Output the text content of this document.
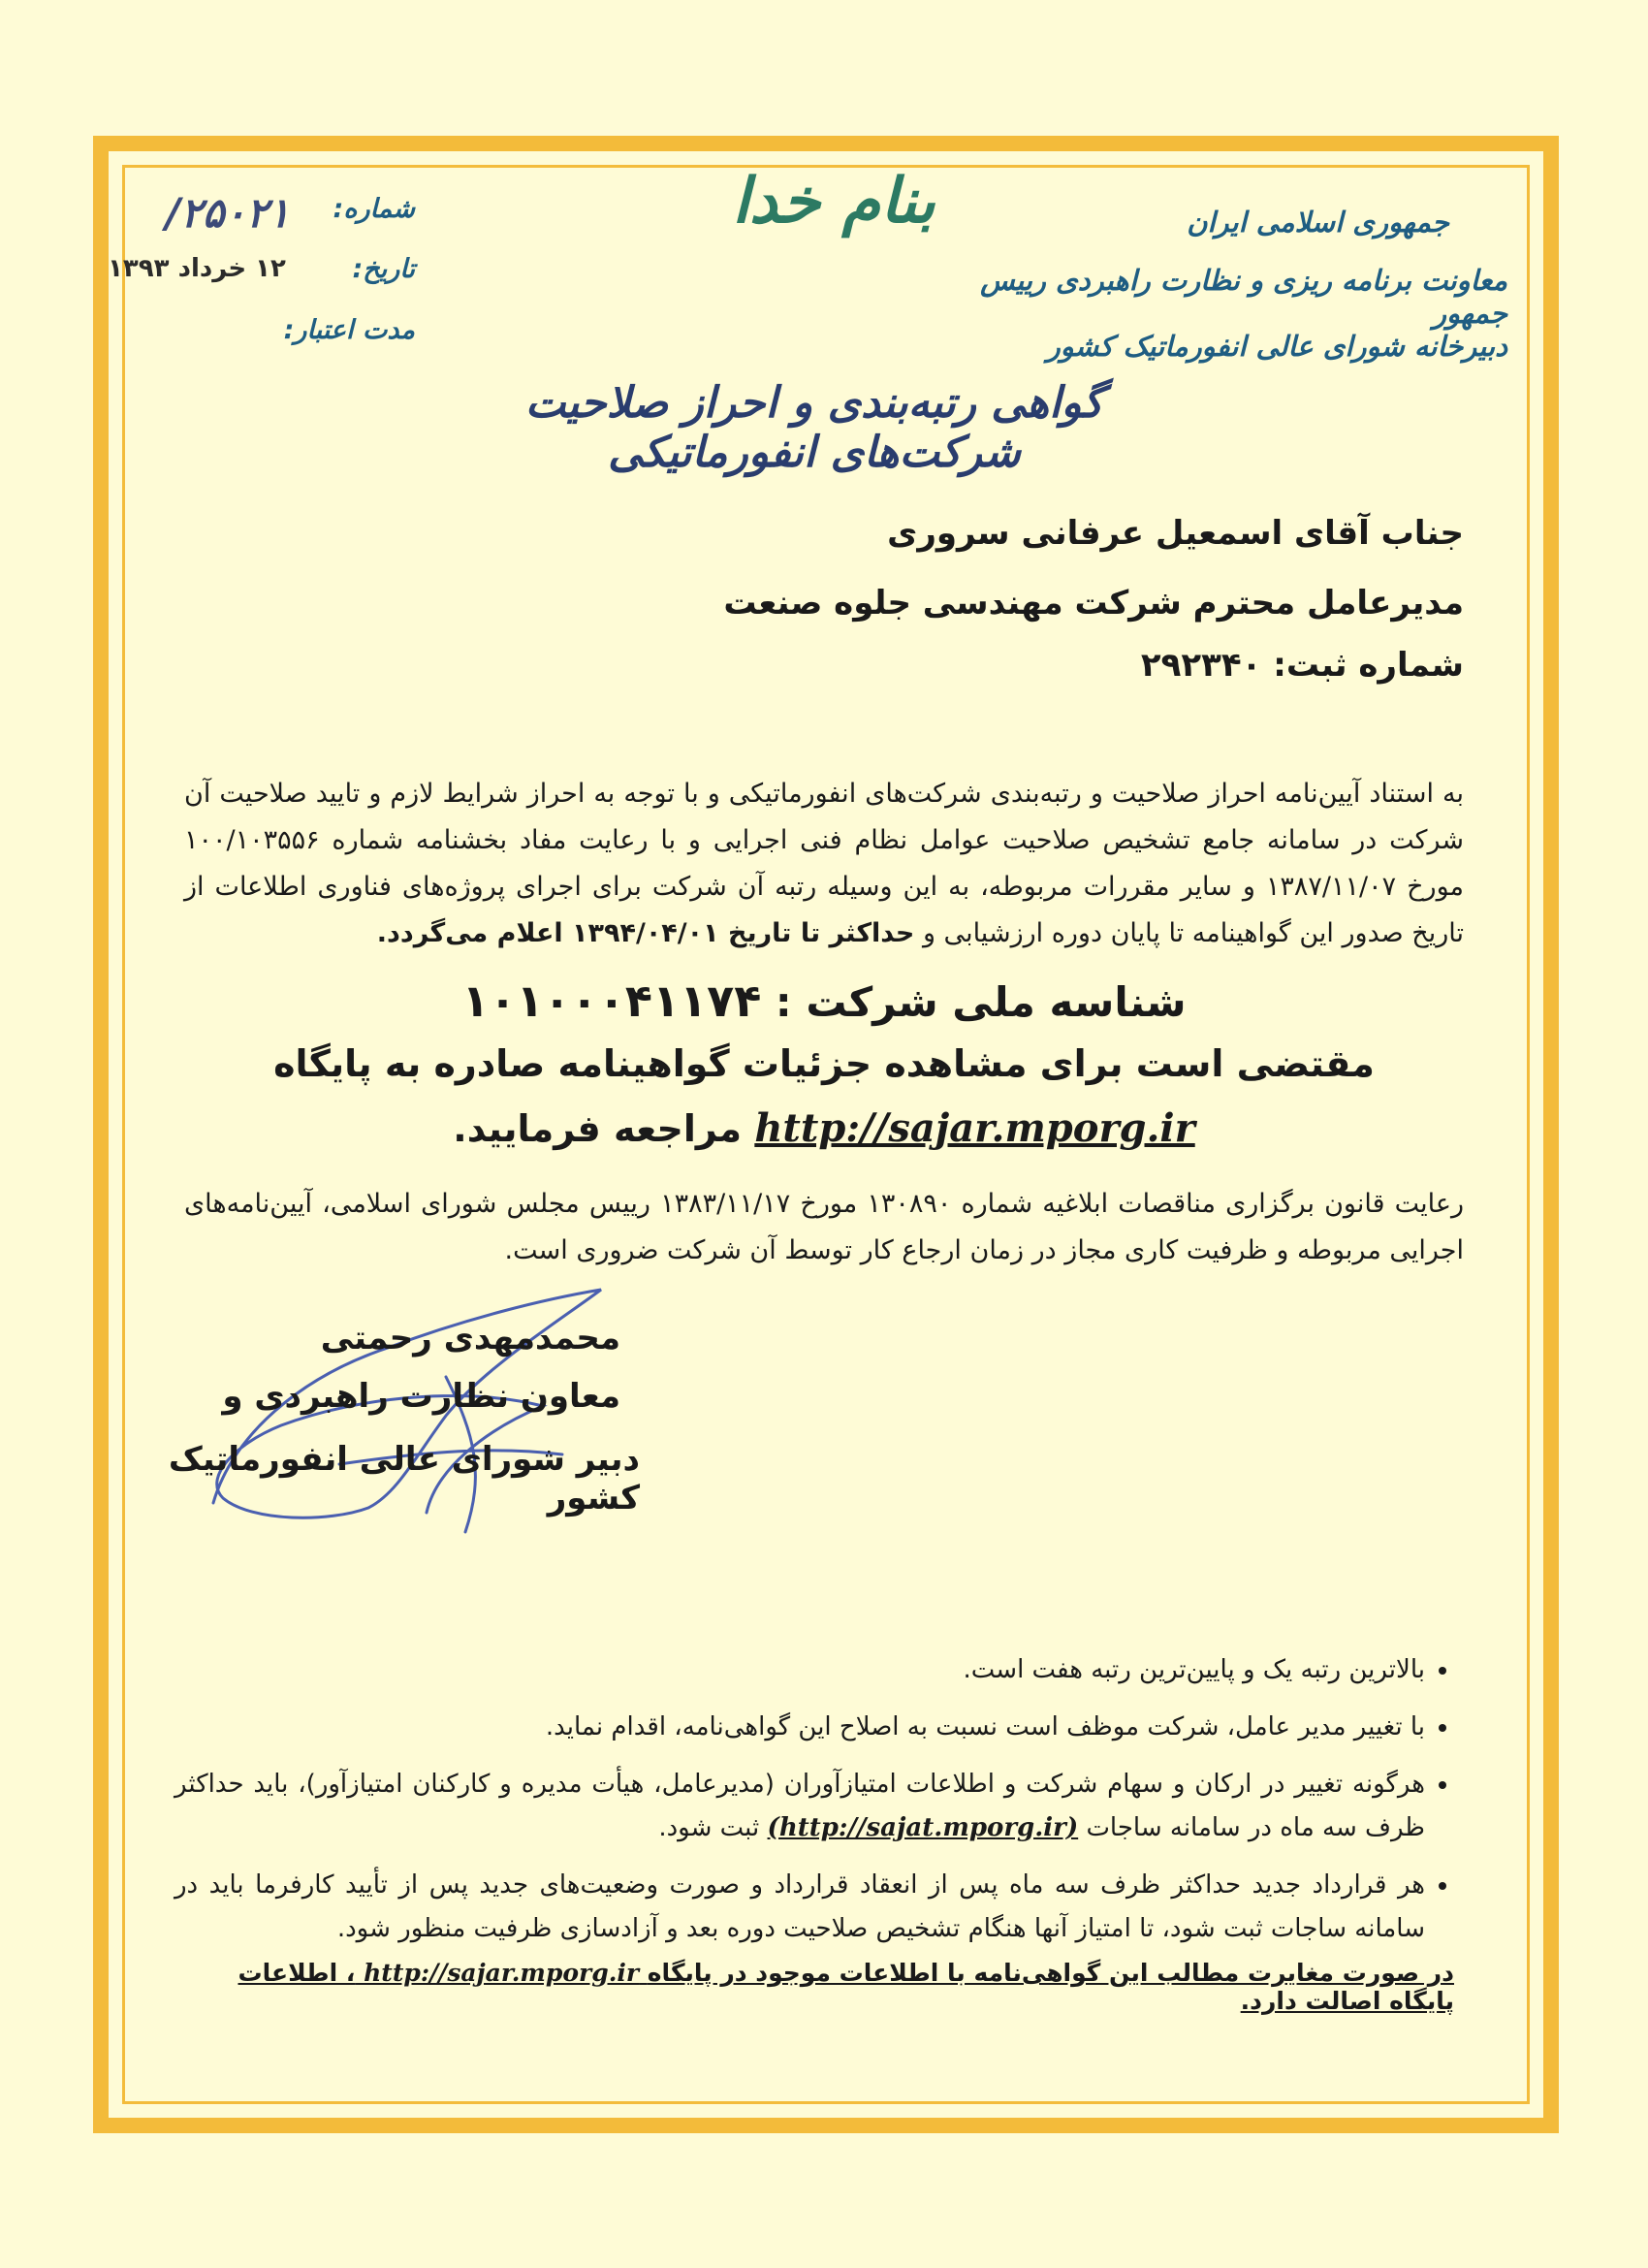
بنام خدا	جمهوری اسلامی ایران
معاونت برنامه ریزی و نظارت راهبردی رییس جمهور
دبیرخانه شورای عالی انفورماتیک کشور
شماره:
۲۵۰۲۱/
تاریخ:
۱۲ خرداد ۱۳۹۳
مدت اعتبار:
گواهی رتبه‌بندی و احراز صلاحیت شرکت‌های انفورماتیکی
جناب آقای اسمعیل عرفانی سروری
مدیرعامل محترم شرکت مهندسی جلوه صنعت
شماره ثبت: ۲۹۲۳۴۰
به استناد آیین‌نامه احراز صلاحیت و رتبه‌بندی شرکت‌های انفورماتیکی و با توجه به احراز شرایط لازم و تایید صلاحیت آن شرکت در سامانه جامع تشخیص صلاحیت عوامل نظام فنی اجرایی و با رعایت مفاد بخشنامه شماره ۱۰۰/۱۰۳۵۵۶ مورخ ۱۳۸۷/۱۱/۰۷ و سایر مقررات مربوطه، به این وسیله رتبه آن شرکت برای اجرای پروژه‌های فناوری اطلاعات از تاریخ صدور این گواهینامه تا پایان دوره ارزشیابی و حداکثر تا تاریخ ۱۳۹۴/۰۴/۰۱ اعلام می‌گردد.
شناسه ملی شرکت : ۱۰۱۰۰۰۴۱۱۷۴
مقتضی است برای مشاهده جزئیات گواهینامه صادره به پایگاه
http://sajar.mporg.ir مراجعه فرمایید.
رعایت قانون برگزاری مناقصات ابلاغیه شماره ۱۳۰۸۹۰ مورخ ۱۳۸۳/۱۱/۱۷ رییس مجلس شورای اسلامی، آیین‌نامه‌های اجرایی مربوطه و ظرفیت کاری مجاز در زمان ارجاع کار توسط آن شرکت ضروری است.
محمدمهدی رحمتی
معاون نظارت راهبردی و
دبیر شورای عالی انفورماتیک کشور
• بالاترین رتبه یک و پایین‌ترین رتبه هفت است.
• با تغییر مدیر عامل، شرکت موظف است نسبت به اصلاح این گواهی‌نامه، اقدام نماید.
• هرگونه تغییر در ارکان و سهام شرکت و اطلاعات امتیازآوران (مدیرعامل، هیأت مدیره و کارکنان امتیازآور)، باید حداکثر ظرف سه ماه در سامانه ساجات (http://sajat.mporg.ir) ثبت شود.
• هر قرارداد جدید حداکثر ظرف سه ماه پس از انعقاد قرارداد و صورت وضعیت‌های جدید پس از تأیید کارفرما باید در سامانه ساجات ثبت شود، تا امتیاز آنها هنگام تشخیص صلاحیت دوره بعد و آزادسازی ظرفیت منظور شود.
در صورت مغایرت مطالب این گواهی‌نامه با اطلاعات موجود در پایگاه http://sajar.mporg.ir ، اطلاعات پایگاه اصالت دارد.
